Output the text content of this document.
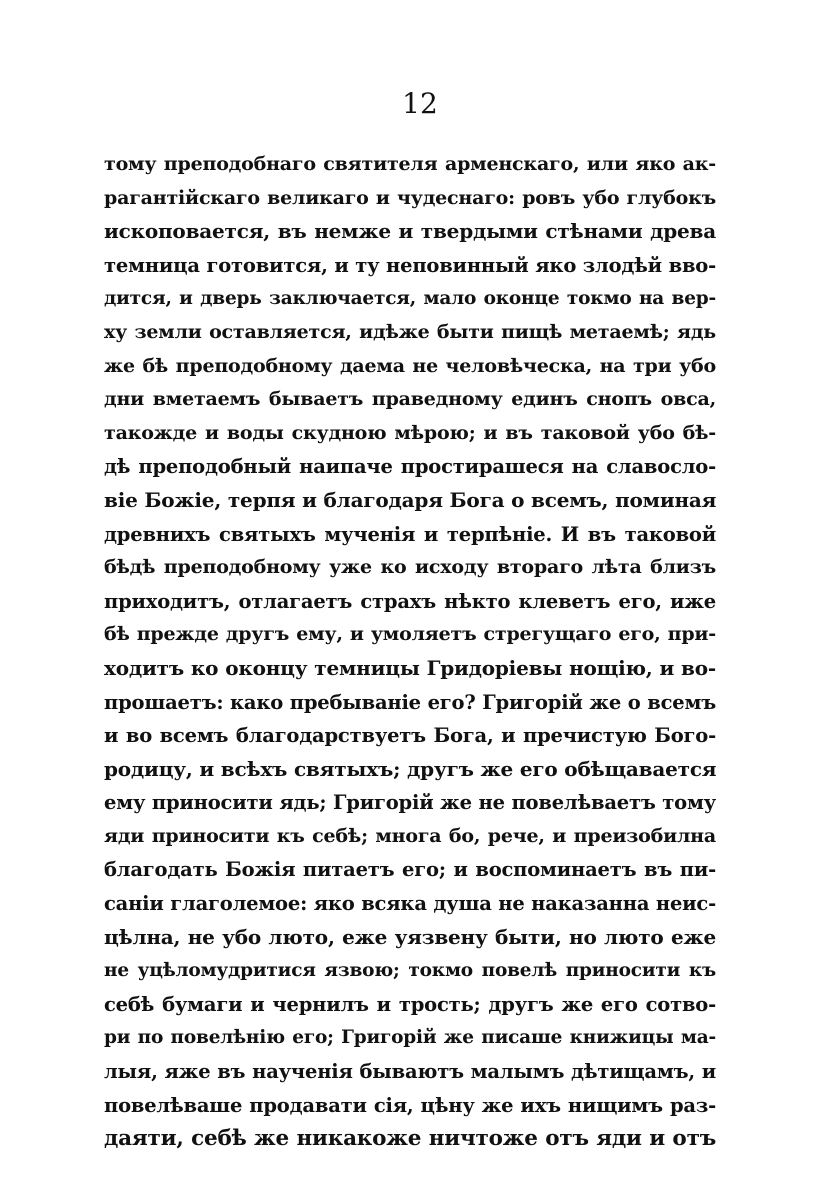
12
тому преподобнаго святителя арменскаго, или яко ак-
рагантійскаго великаго и чудеснаго: ровъ убо глубокъ
ископовается, въ немже и твердыми стѣнами древа
темница готовится, и ту неповинный яко злодѣй вво-
дится, и дверь заключается, мало оконце токмо на вер-
ху земли оставляется, идѣже быти пищѣ метаемѣ; ядь
же бѣ преподобному даема не человѣческа, на три убо
дни вметаемъ бываетъ праведному единъ снопъ овса,
такожде и воды скудною мѣрою; и въ таковой убо бѣ-
дѣ преподобный наипаче простирашеся на славосло-
віе Божіе, терпя и благодаря Бога о всемъ, поминая
древнихъ святыхъ мученія и терпѣніе. И въ таковой
бѣдѣ преподобному уже ко исходу втораго лѣта близъ
приходитъ, отлагаетъ страхъ нѣкто клеветъ его, иже
бѣ прежде другъ ему, и умоляетъ стрегущаго его, при-
ходитъ ко оконцу темницы Гридоріевы нощію, и во-
прошаетъ: како пребываніе его? Григорій же о всемъ
и во всемъ благодарствуетъ Бога, и пречистую Бого-
родицу, и всѣхъ святыхъ; другъ же его обѣщавается
ему приносити ядь; Григорій же не повелѣваетъ тому
яди приносити къ себѣ; многа бо, рече, и преизобилна
благодать Божія питаетъ его; и воспоминаетъ въ пи-
саніи глаголемое: яко всяка душа не наказанна неис-
цѣлна, не убо люто, еже уязвену быти, но люто еже
не уцѣломудритися язвою; токмо повелѣ приносити къ
себѣ бумаги и чернилъ и трость; другъ же его сотво-
ри по повелѣнію его; Григорій же писаше книжицы ма-
лыя, яже въ наученія бываютъ малымъ дѣтищамъ, и
повелѣваше продавати сія, цѣну же ихъ нищимъ раз-
даяти, себѣ же никакоже ничтоже отъ яди и отъ
